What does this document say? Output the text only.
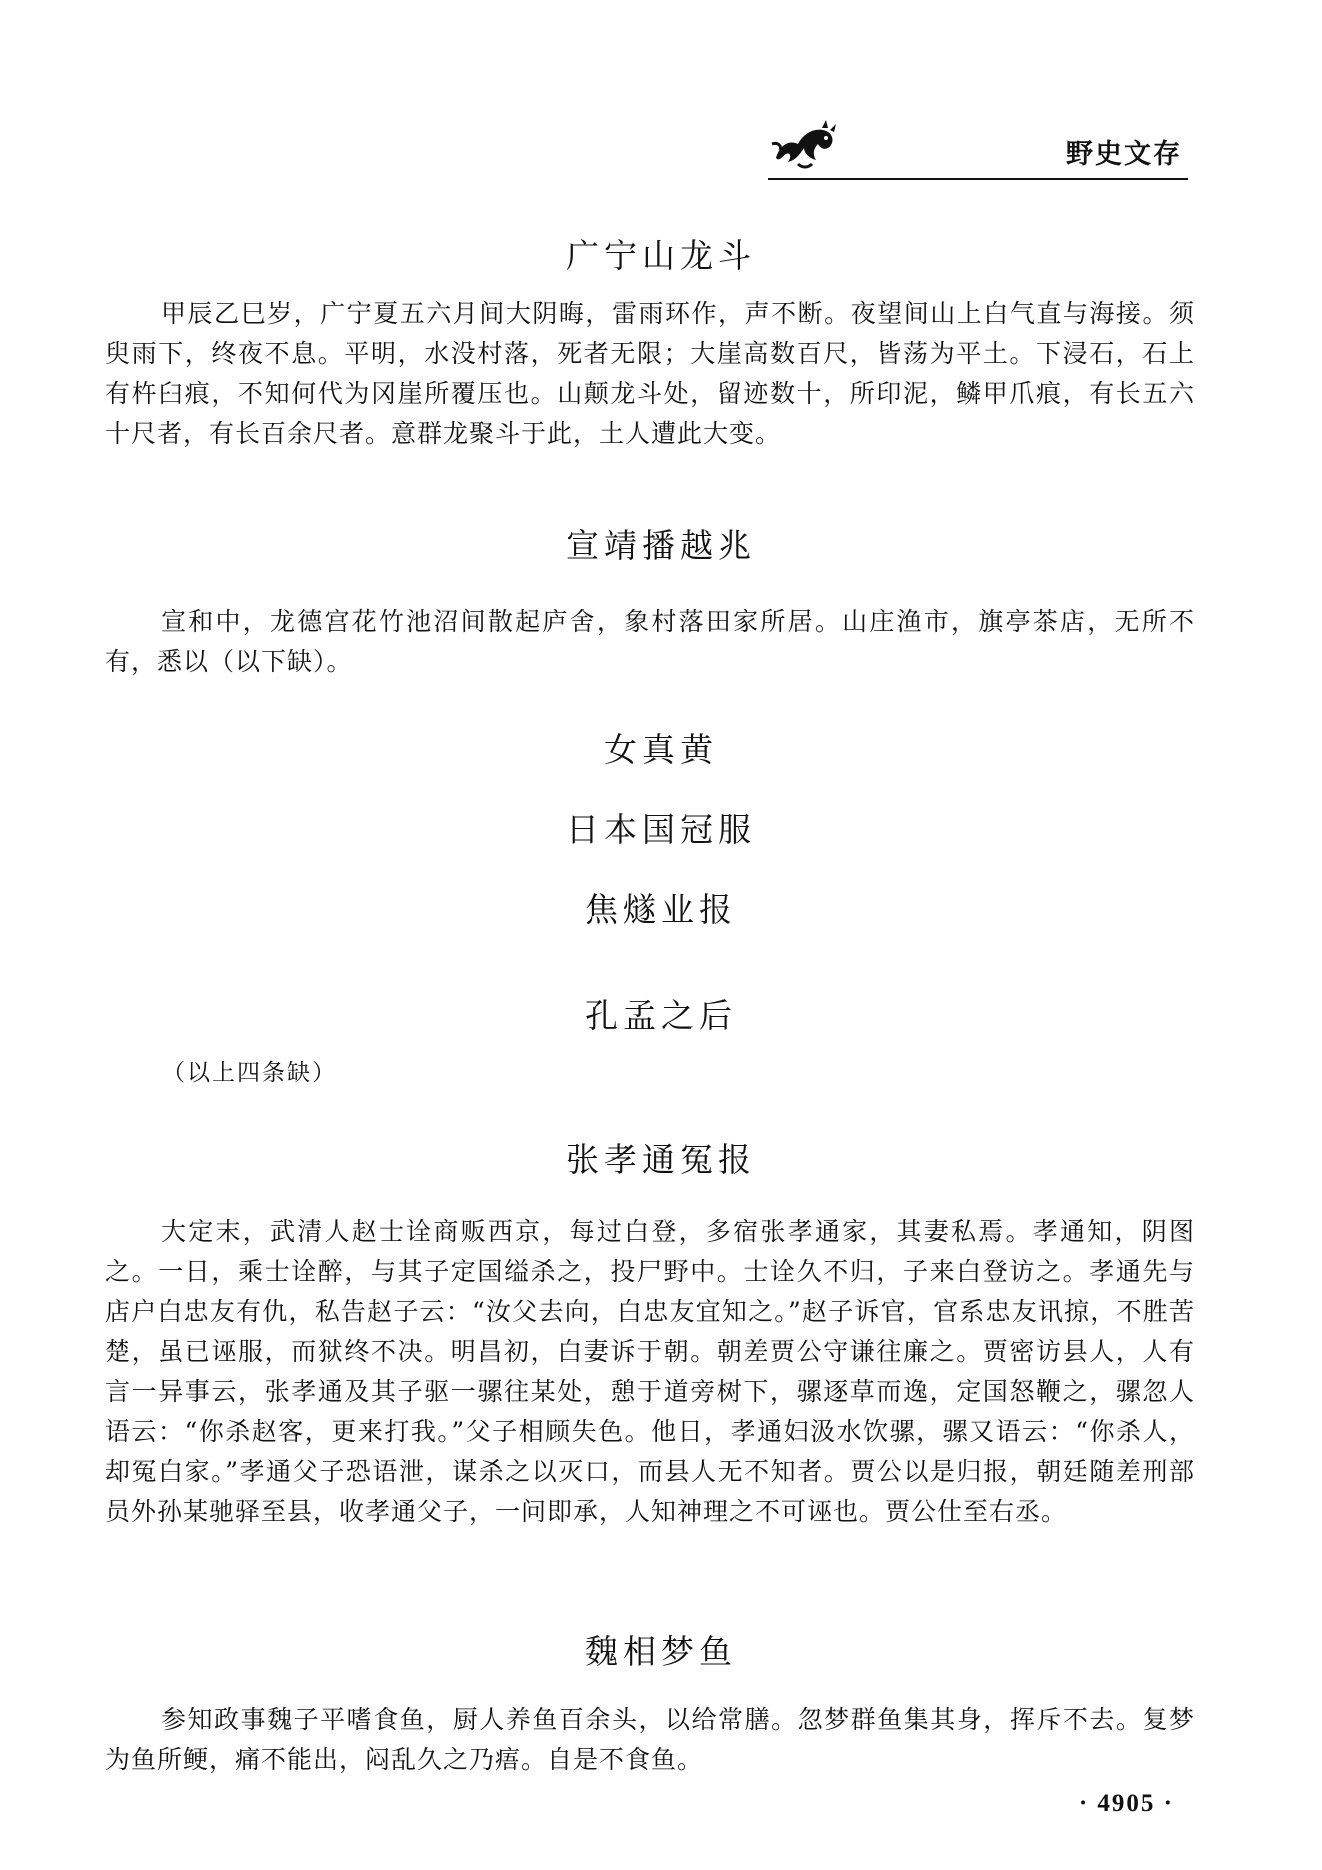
野史文存
广宁山龙斗

甲辰乙巳岁，广宁夏五六月间大阴晦，雷雨环作，声不断。夜望间山上白气直与海接。须臾雨下，终夜不息。平明，水没村落，死者无限；大崖高数百尺，皆荡为平土。下浸石，石上有杵臼痕，不知何代为冈崖所覆压也。山颠龙斗处，留迹数十，所印泥，鳞甲爪痕，有长五六十尺者，有长百余尺者。意群龙聚斗于此，土人遭此大变。

宣靖播越兆

宣和中，龙德宫花竹池沼间散起庐舍，象村落田家所居。山庄渔市，旗亭茶店，无所不有，悉以（以下缺）。

女真黄
日本国冠服
焦燧业报
孔孟之后
（以上四条缺）
张孝通冤报

大定末，武清人赵士诠商贩西京，每过白登，多宿张孝通家，其妻私焉。孝通知，阴图之。一日，乘士诠醉，与其子定国缢杀之，投尸野中。士诠久不归，子来白登访之。孝通先与店户白忠友有仇，私告赵子云：“汝父去向，白忠友宜知之。”赵子诉官，官系忠友讯掠，不胜苦楚，虽已诬服，而狱终不决。明昌初，白妻诉于朝。朝差贾公守谦往廉之。贾密访县人，人有言一异事云，张孝通及其子驱一骡往某处，憩于道旁树下，骡逐草而逸，定国怒鞭之，骡忽人语云：“你杀赵客，更来打我。”父子相顾失色。他日，孝通妇汲水饮骡，骡又语云：“你杀人，却冤白家。”孝通父子恐语泄，谋杀之以灭口，而县人无不知者。贾公以是归报，朝廷随差刑部员外孙某驰驿至县，收孝通父子，一问即承，人知神理之不可诬也。贾公仕至右丞。

魏相梦鱼

参知政事魏子平嗜食鱼，厨人养鱼百余头，以给常膳。忽梦群鱼集其身，挥斥不去。复梦为鱼所鲠，痛不能出，闷乱久之乃痦。自是不食鱼。

· 4905 ·
